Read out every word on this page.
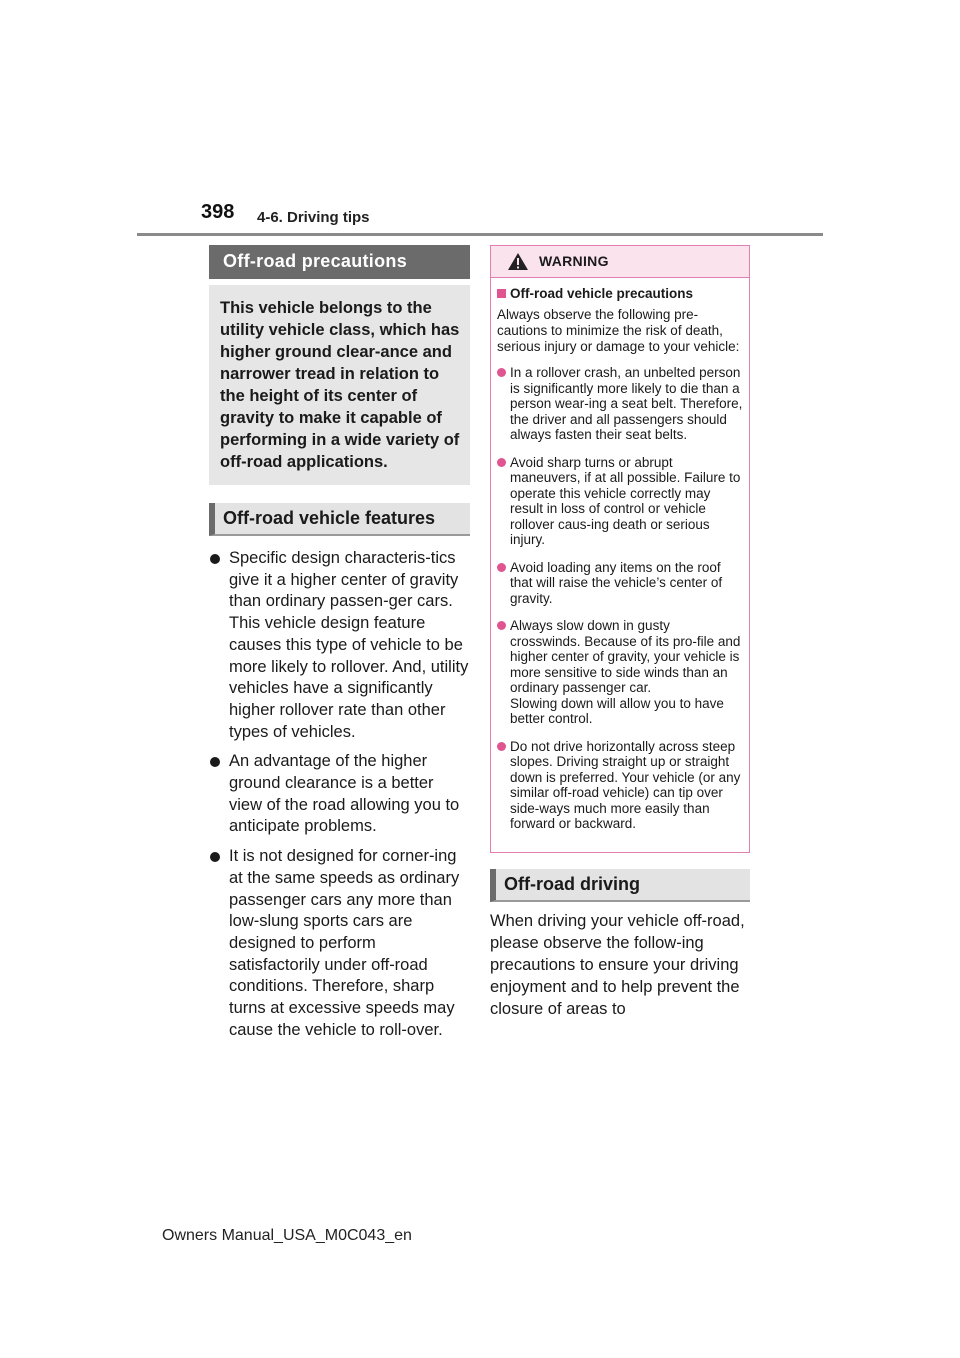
398 4-6. Driving tips
Off-road precautions
This vehicle belongs to the utility vehicle class, which has higher ground clear-ance and narrower tread in relation to the height of its center of gravity to make it capable of performing in a wide variety of off-road applications.
Off-road vehicle features
Specific design characteris-tics give it a higher center of gravity than ordinary passen-ger cars. This vehicle design feature causes this type of vehicle to be more likely to rollover. And, utility vehicles have a significantly higher rollover rate than other types of vehicles.
An advantage of the higher ground clearance is a better view of the road allowing you to anticipate problems.
It is not designed for corner-ing at the same speeds as ordinary passenger cars any more than low-slung sports cars are designed to perform satisfactorily under off-road conditions. Therefore, sharp turns at excessive speeds may cause the vehicle to roll-over.
WARNING
Off-road vehicle precautions
Always observe the following pre-cautions to minimize the risk of death, serious injury or damage to your vehicle:
In a rollover crash, an unbelted person is significantly more likely to die than a person wear-ing a seat belt. Therefore, the driver and all passengers should always fasten their seat belts.
Avoid sharp turns or abrupt maneuvers, if at all possible. Failure to operate this vehicle correctly may result in loss of control or vehicle rollover caus-ing death or serious injury.
Avoid loading any items on the roof that will raise the vehicle’s center of gravity.
Always slow down in gusty crosswinds. Because of its pro-file and higher center of gravity, your vehicle is more sensitive to side winds than an ordinary passenger car.
Slowing down will allow you to have better control.
Do not drive horizontally across steep slopes. Driving straight up or straight down is preferred. Your vehicle (or any similar off-road vehicle) can tip over side-ways much more easily than forward or backward.
Off-road driving
When driving your vehicle off-road, please observe the follow-ing precautions to ensure your driving enjoyment and to help prevent the closure of areas to
Owners Manual_USA_M0C043_en
